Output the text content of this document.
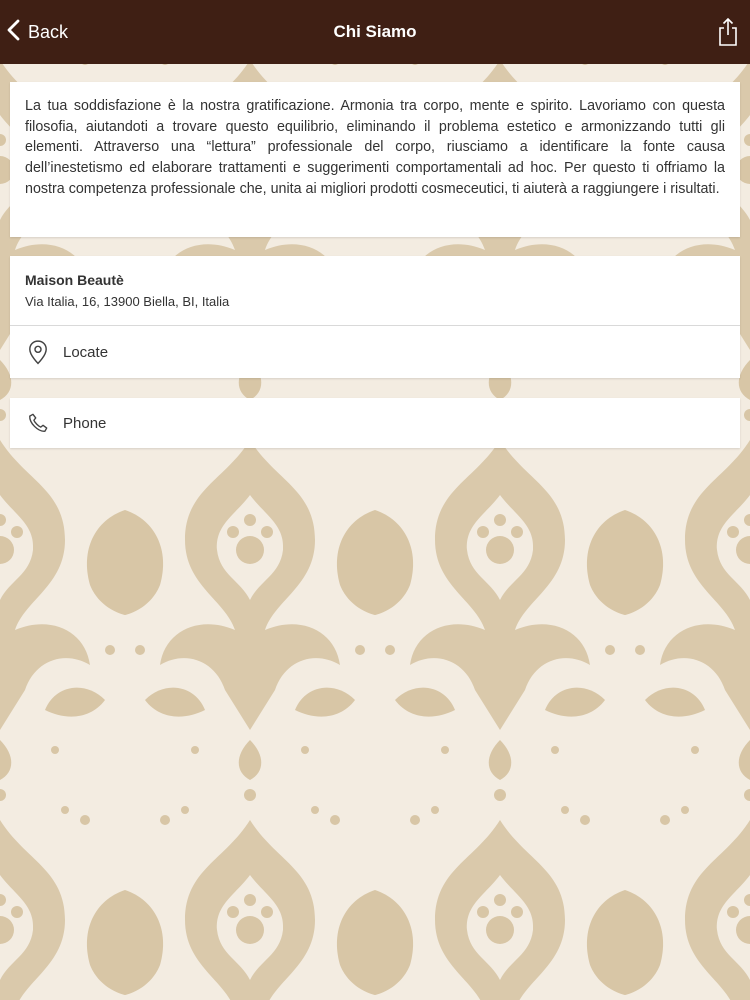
Back	Chi Siamo
La tua soddisfazione è la nostra gratificazione. Armonia tra corpo, mente e spirito. Lavoriamo con questa filosofia, aiutandoti a trovare questo equilibrio, eliminando il problema estetico e armonizzando tutti gli elementi. Attraverso una “lettura” professionale del corpo, riusciamo a identificare la fonte causa dell’inestetismo ed elaborare trattamenti e suggerimenti comportamentali ad hoc. Per questo ti offriamo la nostra competenza professionale che, unita ai migliori prodotti cosmeceutici, ti aiuterà a raggiungere i risultati.
Maison Beautè
Via Italia, 16, 13900 Biella, BI, Italia
Locate
Phone
